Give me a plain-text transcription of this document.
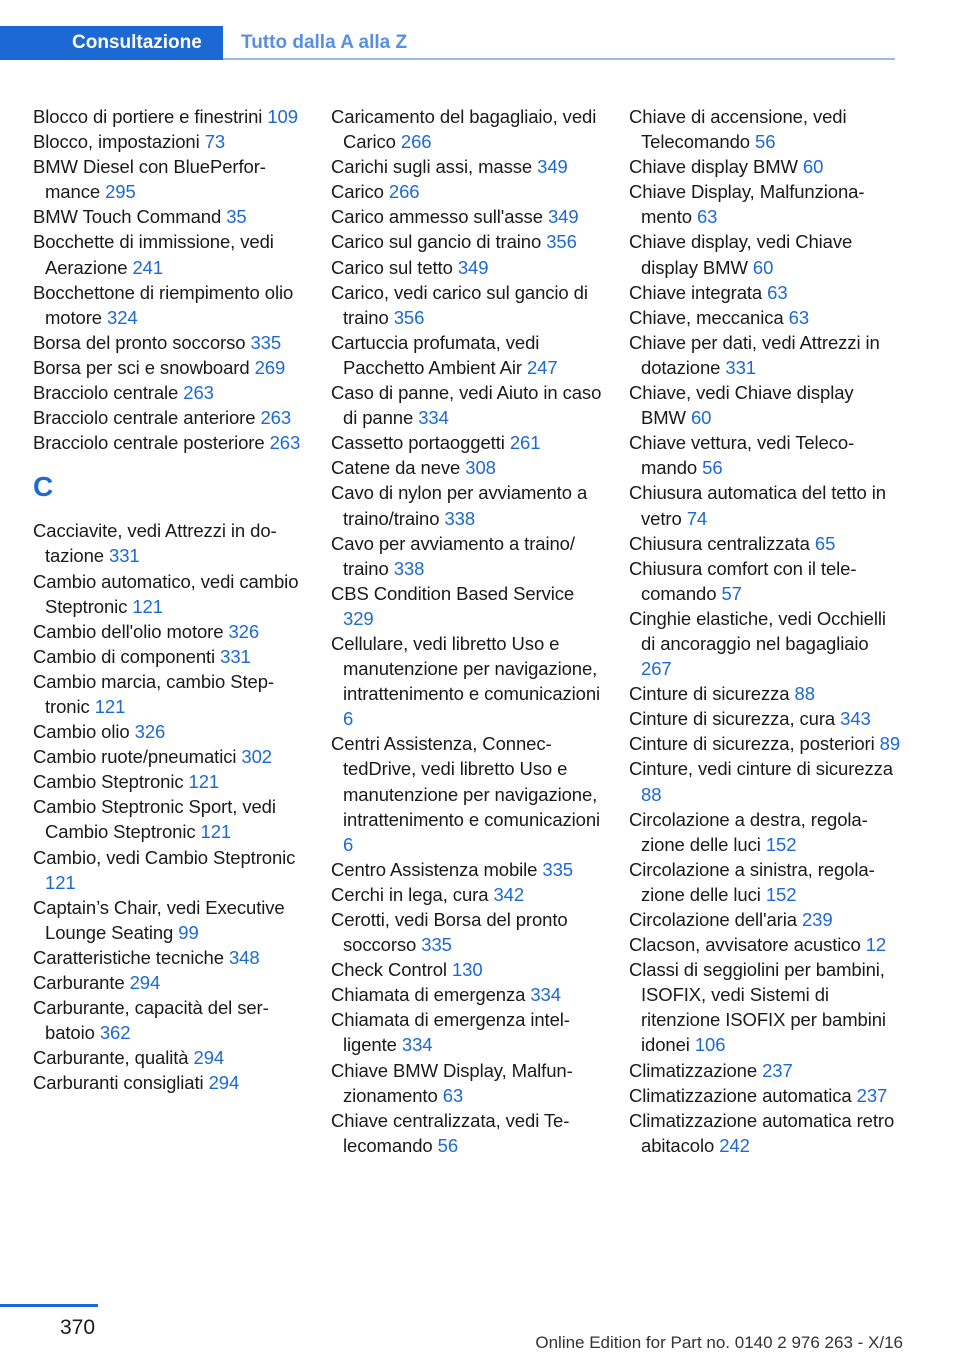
Consultazione	Tutto dalla A alla Z
Blocco di portiere e finestrini 109
Blocco, impostazioni 73
BMW Diesel con BluePerformance 295
BMW Touch Command 35
Bocchette di immissione, vedi Aerazione 241
Bocchettone di riempimento olio motore 324
Borsa del pronto soccorso 335
Borsa per sci e snowboard 269
Bracciolo centrale 263
Bracciolo centrale anteriore 263
Bracciolo centrale posteriore 263
C
Cacciavite, vedi Attrezzi in dotazione 331
Cambio automatico, vedi cambio Steptronic 121
Cambio dell'olio motore 326
Cambio di componenti 331
Cambio marcia, cambio Steptronic 121
Cambio olio 326
Cambio ruote/pneumatici 302
Cambio Steptronic 121
Cambio Steptronic Sport, vedi Cambio Steptronic 121
Cambio, vedi Cambio Steptronic 121
Captain’s Chair, vedi Executive Lounge Seating 99
Caratteristiche tecniche 348
Carburante 294
Carburante, capacità del serbatoio 362
Carburante, qualità 294
Carburanti consigliati 294
Caricamento del bagagliaio, vedi Carico 266
Carichi sugli assi, masse 349
Carico 266
Carico ammesso sull'asse 349
Carico sul gancio di traino 356
Carico sul tetto 349
Carico, vedi carico sul gancio di traino 356
Cartuccia profumata, vedi Pacchetto Ambient Air 247
Caso di panne, vedi Aiuto in caso di panne 334
Cassetto portaoggetti 261
Catene da neve 308
Cavo di nylon per avviamento a traino/traino 338
Cavo per avviamento a traino/ traino 338
CBS Condition Based Service 329
Cellulare, vedi libretto Uso e manutenzione per navigazione, intrattenimento e comunicazioni 6
Centri Assistenza, ConnectedDrive, vedi libretto Uso e manutenzione per navigazione, intrattenimento e comunicazioni 6
Centro Assistenza mobile 335
Cerchi in lega, cura 342
Cerotti, vedi Borsa del pronto soccorso 335
Check Control 130
Chiamata di emergenza 334
Chiamata di emergenza intelligente 334
Chiave BMW Display, Malfunzionamento 63
Chiave centralizzata, vedi Telecomando 56
Chiave di accensione, vedi Telecomando 56
Chiave display BMW 60
Chiave Display, Malfunzionamento 63
Chiave display, vedi Chiave display BMW 60
Chiave integrata 63
Chiave, meccanica 63
Chiave per dati, vedi Attrezzi in dotazione 331
Chiave, vedi Chiave display BMW 60
Chiave vettura, vedi Telecomando 56
Chiusura automatica del tetto in vetro 74
Chiusura centralizzata 65
Chiusura comfort con il telecomando 57
Cinghie elastiche, vedi Occhielli di ancoraggio nel bagagliaio 267
Cinture di sicurezza 88
Cinture di sicurezza, cura 343
Cinture di sicurezza, posteriori 89
Cinture, vedi cinture di sicurezza 88
Circolazione a destra, regolazione delle luci 152
Circolazione a sinistra, regolazione delle luci 152
Circolazione dell'aria 239
Clacson, avvisatore acustico 12
Classi di seggiolini per bambini, ISOFIX, vedi Sistemi di ritenzione ISOFIX per bambini idonei 106
Climatizzazione 237
Climatizzazione automatica 237
Climatizzazione automatica retro abitacolo 242
370
Online Edition for Part no. 0140 2 976 263 - X/16
